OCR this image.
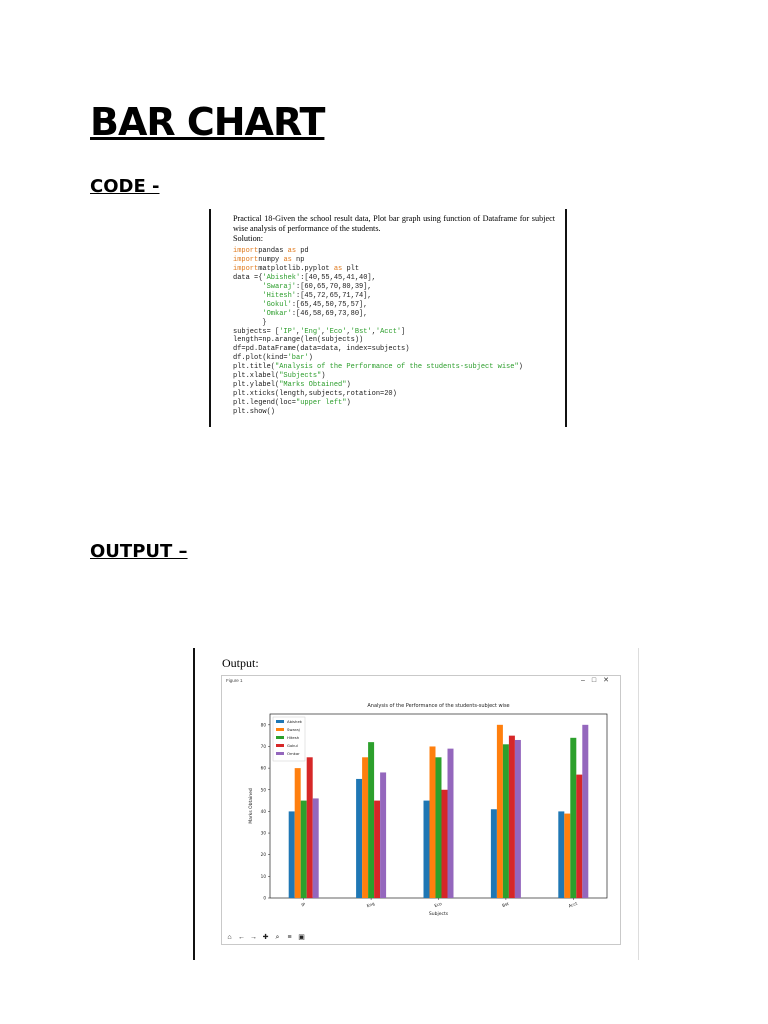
BAR CHART
CODE -
Practical 18-Given the school result data, Plot bar graph using function of Dataframe for subject wise analysis of performance of the students.
Solution:
importpandas as pd
importnumpy as np
importmatplotlib.pyplot as plt
data ={'Abishek':[40,55,45,41,40],
'Swaraj':[60,65,70,80,39],
'Hitesh':[45,72,65,71,74],
'Gokul':[65,45,50,75,57],
'Omkar':[46,58,69,73,80],
}
subjects= ['IP','Eng','Eco','Bst','Acct']
length=np.arange(len(subjects))
df=pd.DataFrame(data=data, index=subjects)
df.plot(kind='bar')
plt.title("Analysis of the Performance of the students-subject wise")
plt.xlabel("Subjects")
plt.ylabel("Marks Obtained")
plt.xticks(length,subjects,rotation=20)
plt.legend(loc="upper left")
plt.show()
OUTPUT –
Output:
Figure 1	–□✕
Analysis of the Performance of the students-subject wise
0
10
20
30
40
50
60
70
80
Marks Obtained
IP	Eng	Eco	Bst	Acct
Subjects
Abishek
Swaraj
Hitesh
Gokul
Omkar
⌂ ← → ✚	⌕	≡ ▣
